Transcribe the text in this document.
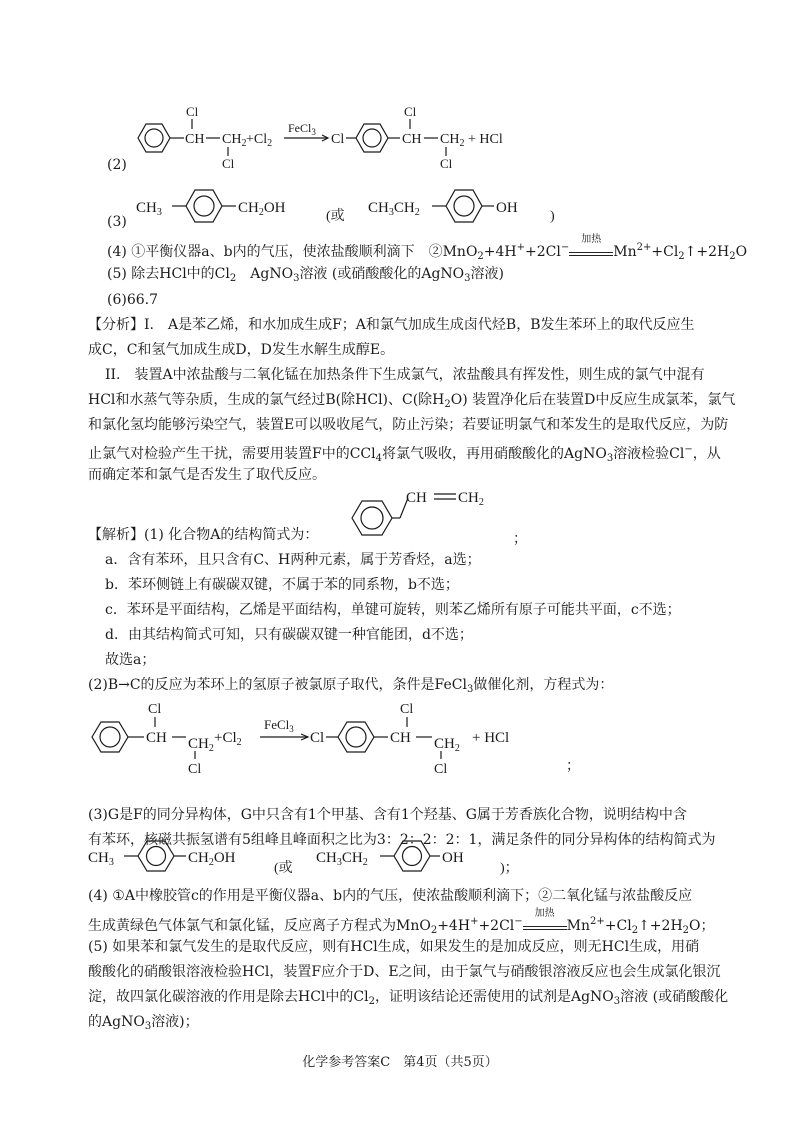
(2)
Cl
CH $CH_2$
Cl
$+Cl_2$
FeCl$_3$ Cl
Cl
CH $CH_2$
Cl
+ HCl
(3)
$CH_3$	$CH_2OH$
(或
$CH_3CH_2$	OH
)
(4) ①平衡仪器a、b内的气压，使浓盐酸顺利滴下　②MnO$_2$+4H++2Cl−
加热
$Mn^{2+}+Cl_2↑+2H_2O$
(5) 除去HCl中的$Cl_2$　AgNO$_3$溶液 (或硝酸酸化的AgNO$_3$溶液)
(6)66.7
【分析】I.　A是苯乙烯，和水加成生成F；A和氯气加成生成卤代烃B，B发生苯环上的取代反应生
成C，C和氢气加成生成D，D发生水解生成醇E。
II.　装置A中浓盐酸与二氧化锰在加热条件下生成氯气，浓盐酸具有挥发性，则生成的氯气中混有
HCl和水蒸气等杂质，生成的氯气经过B(除HCl)、C(除$H_2O$) 装置净化后在装置D中反应生成氯苯，氯气
和氯化氢均能够污染空气，装置E可以吸收尾气，防止污染；若要证明氯气和苯发生的是取代反应，为防
止氯气对检验产生干扰，需要用装置F中的CCl$_4$将氯气吸收，再用硝酸酸化的AgNO$_3$溶液检验Cl−，从
而确定苯和氯气是否发生了取代反应。
CH $CH_2$
【解析】(1) 化合物A的结构简式为：	；
a．含有苯环，且只含有C、H两种元素，属于芳香烃，a选；
b．苯环侧链上有碳碳双键，不属于苯的同系物，b不选；
c．苯环是平面结构，乙烯是平面结构，单键可旋转，则苯乙烯所有原子可能共平面，c不选；
d．由其结构简式可知，只有碳碳双键一种官能团，d不选；
故选a；
(2)B→C的反应为苯环上的氢原子被氯原子取代，条件是FeCl$_3$做催化剂，方程式为：
Cl
CH $CH_2$
Cl
$+Cl_2$
FeCl$_3$
Cl
Cl
CH $CH_2$
Cl
+ HCl
；
(3)G是F的同分异构体，G中只含有1个甲基、含有1个羟基、G属于芳香族化合物，说明结构中含
有苯环，核磁共振氢谱有5组峰且峰面积之比为3：2：2：2：1，满足条件的同分异构体的结构简式为
$CH_3$	$CH_2OH$
(或
$CH_3CH_2$	OH
)；
(4) ①A中橡胶管c的作用是平衡仪器a、b内的气压，使浓盐酸顺利滴下；②二氧化锰与浓盐酸反应
生成黄绿色气体氯气和氯化锰，反应离子方程式为MnO$_2$+4H++2Cl−
加热
$Mn^{2+}+Cl_2↑+2H_2O$；
(5) 如果苯和氯气发生的是取代反应，则有HCl生成，如果发生的是加成反应，则无HCl生成，用硝
酸酸化的硝酸银溶液检验HCl，装置F应介于D、E之间，由于氯气与硝酸银溶液反应也会生成氯化银沉
淀，故四氯化碳溶液的作用是除去HCl中的$Cl_2$，证明该结论还需使用的试剂是AgNO$_3$溶液 (或硝酸酸化
的AgNO$_3$溶液)；
化学参考答案C　第4页（共5页）
